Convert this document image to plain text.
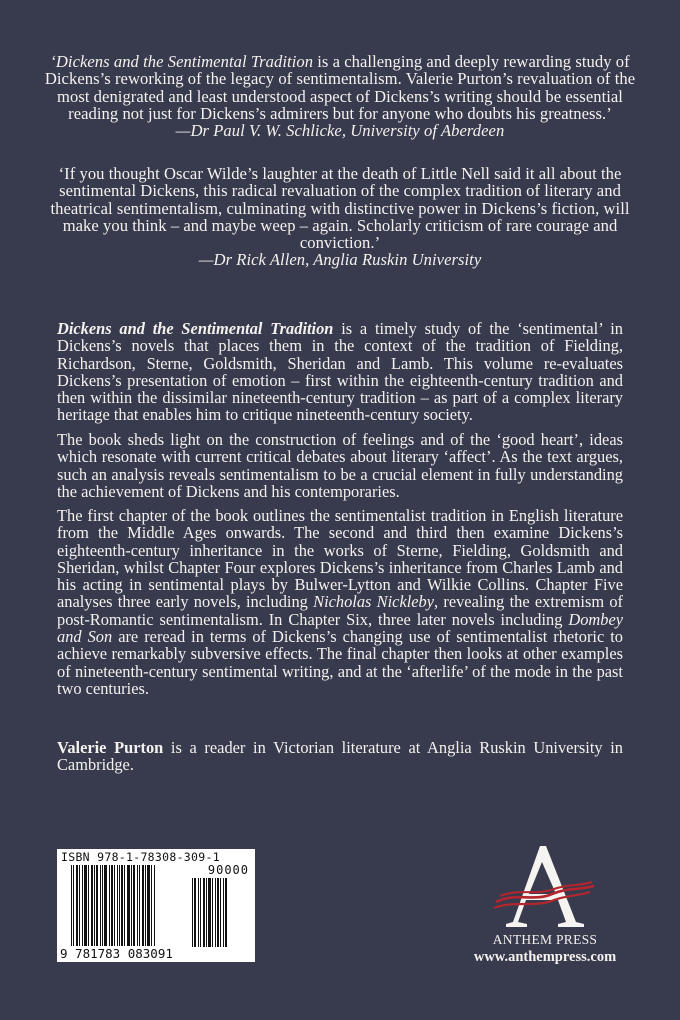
‘Dickens and the Sentimental Tradition is a challenging and deeply rewarding study of Dickens’s reworking of the legacy of sentimentalism. Valerie Purton’s revaluation of the most denigrated and least understood aspect of Dickens’s writing should be essential reading not just for Dickens’s admirers but for anyone who doubts his greatness.’
—Dr Paul V. W. Schlicke, University of Aberdeen
‘If you thought Oscar Wilde’s laughter at the death of Little Nell said it all about the sentimental Dickens, this radical revaluation of the complex tradition of literary and theatrical sentimentalism, culminating with distinctive power in Dickens’s fiction, will make you think – and maybe weep – again. Scholarly criticism of rare courage and conviction.’
—Dr Rick Allen, Anglia Ruskin University
Dickens and the Sentimental Tradition is a timely study of the ‘sentimental’ in Dickens’s novels that places them in the context of the tradition of Fielding, Richardson, Sterne, Goldsmith, Sheridan and Lamb. This volume re-evaluates Dickens’s presentation of emotion – first within the eighteenth-century tradition and then within the dissimilar nineteenth-century tradition – as part of a complex literary heritage that enables him to critique nineteenth-century society.
The book sheds light on the construction of feelings and of the ‘good heart’, ideas which resonate with current critical debates about literary ‘affect’. As the text argues, such an analysis reveals sentimentalism to be a crucial element in fully understanding the achievement of Dickens and his contemporaries.
The first chapter of the book outlines the sentimentalist tradition in English literature from the Middle Ages onwards. The second and third then examine Dickens’s eighteenth-century inheritance in the works of Sterne, Fielding, Goldsmith and Sheridan, whilst Chapter Four explores Dickens’s inheritance from Charles Lamb and his acting in sentimental plays by Bulwer-Lytton and Wilkie Collins. Chapter Five analyses three early novels, including Nicholas Nickleby, revealing the extremism of post-Romantic sentimentalism. In Chapter Six, three later novels including Dombey and Son are reread in terms of Dickens’s changing use of sentimentalist rhetoric to achieve remarkably subversive effects. The final chapter then looks at other examples of nineteenth-century sentimental writing, and at the ‘afterlife’ of the mode in the past two centuries.
Valerie Purton is a reader in Victorian literature at Anglia Ruskin University in Cambridge.
ISBN 978-1-78308-309-1
90000
9 781783 083091
ANTHEM PRESS
www.anthempress.com
